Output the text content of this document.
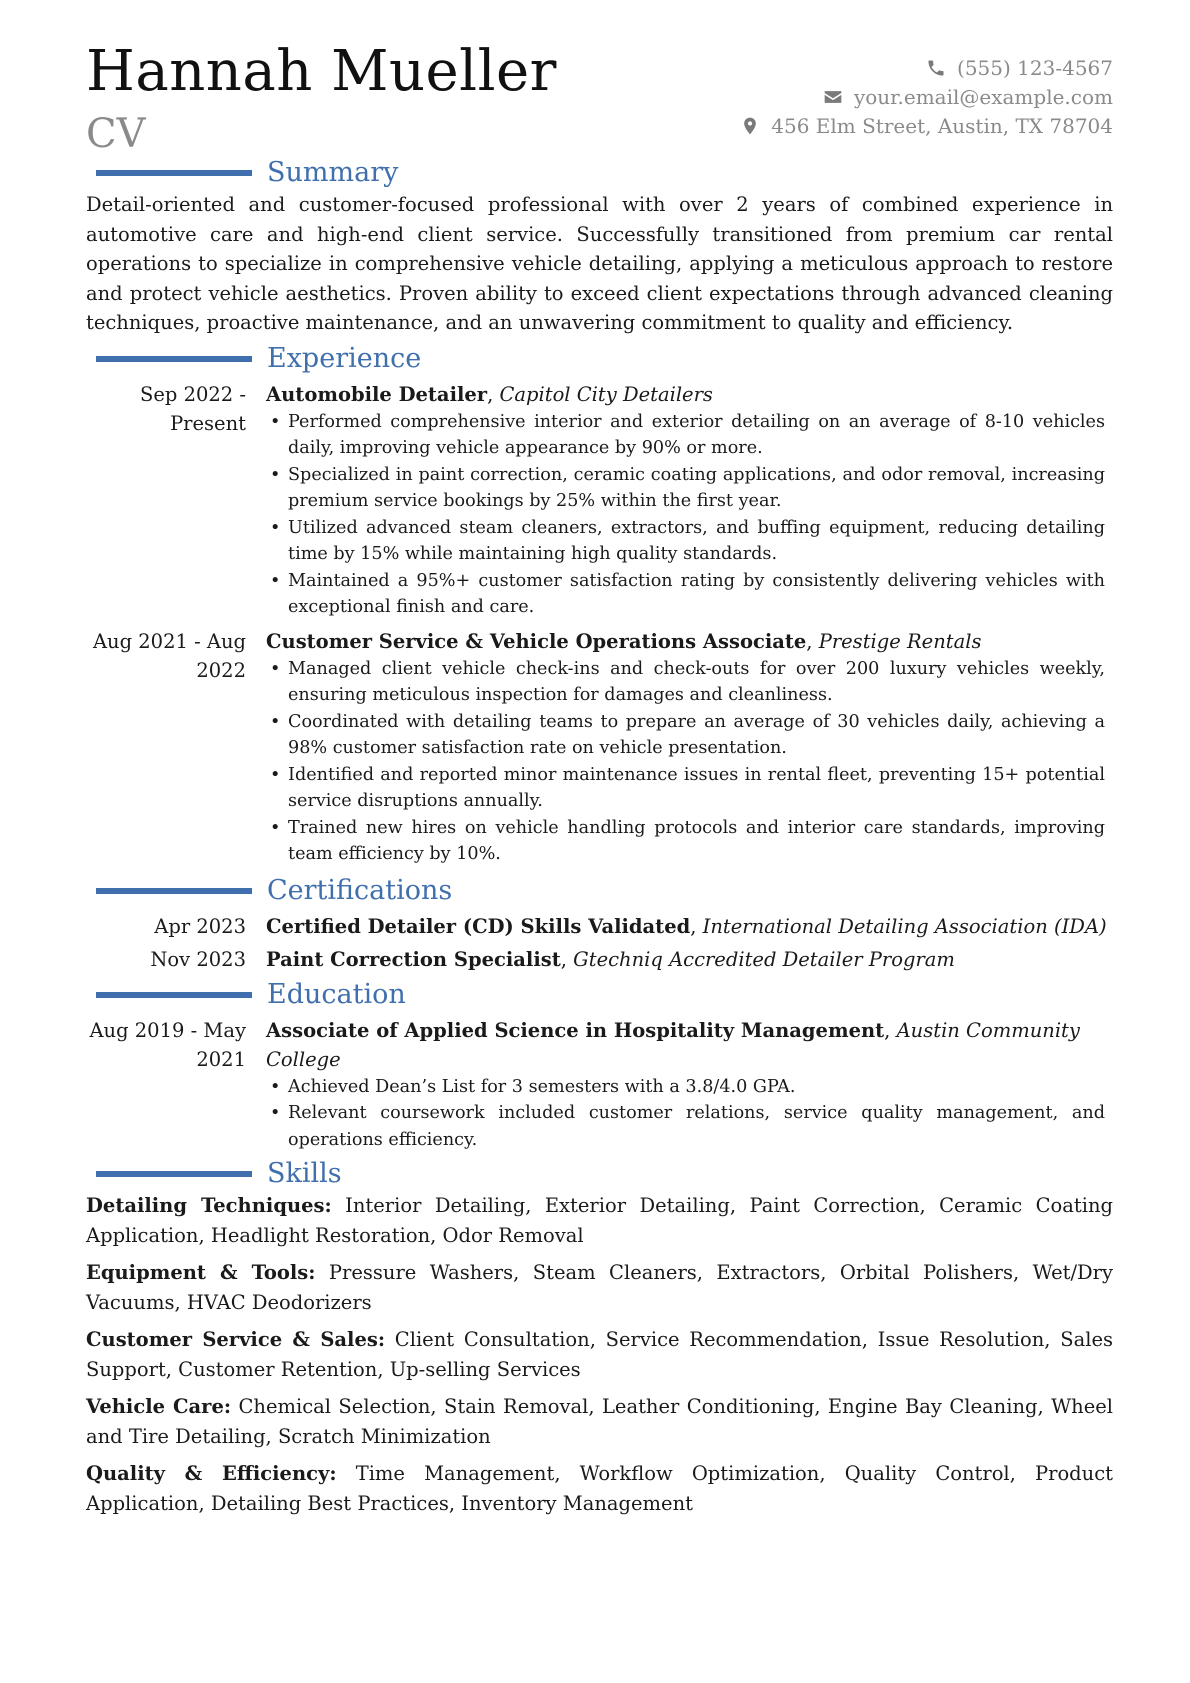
Hannah Mueller
CV
(555) 123-4567
your.email@example.com
456 Elm Street, Austin, TX 78704
Summary
Detail-oriented and customer-focused professional with over 2 years of combined experience in automotive care and high-end client service. Successfully transitioned from premium car rental operations to specialize in comprehensive vehicle detailing, applying a meticulous approach to restore and protect vehicle aesthetics. Proven ability to exceed client expectations through advanced cleaning techniques, proactive maintenance, and an unwavering commitment to quality and efficiency.
Experience
Sep 2022 - Present
Automobile Detailer, Capitol City Detailers
• Performed comprehensive interior and exterior detailing on an average of 8-10 vehicles daily, improving vehicle appearance by 90% or more.
• Specialized in paint correction, ceramic coating applications, and odor removal, increasing premium service bookings by 25% within the first year.
• Utilized advanced steam cleaners, extractors, and buffing equipment, reducing detailing time by 15% while maintaining high quality standards.
• Maintained a 95%+ customer satisfaction rating by consistently delivering vehicles with exceptional finish and care.
Aug 2021 - Aug 2022
Customer Service & Vehicle Operations Associate, Prestige Rentals
• Managed client vehicle check-ins and check-outs for over 200 luxury vehicles weekly, ensuring meticulous inspection for damages and cleanliness.
• Coordinated with detailing teams to prepare an average of 30 vehicles daily, achieving a 98% customer satisfaction rate on vehicle presentation.
• Identified and reported minor maintenance issues in rental fleet, preventing 15+ potential service disruptions annually.
• Trained new hires on vehicle handling protocols and interior care standards, improving team efficiency by 10%.
Certifications
Apr 2023 Certified Detailer (CD) Skills Validated, International Detailing Association (IDA)
Nov 2023 Paint Correction Specialist, Gtechniq Accredited Detailer Program
Education
Aug 2019 - May 2021
Associate of Applied Science in Hospitality Management, Austin Community College
• Achieved Dean’s List for 3 semesters with a 3.8/4.0 GPA.
• Relevant coursework included customer relations, service quality management, and operations efficiency.
Skills
Detailing Techniques: Interior Detailing, Exterior Detailing, Paint Correction, Ceramic Coating Application, Headlight Restoration, Odor Removal
Equipment & Tools: Pressure Washers, Steam Cleaners, Extractors, Orbital Polishers, Wet/Dry Vacuums, HVAC Deodorizers
Customer Service & Sales: Client Consultation, Service Recommendation, Issue Resolution, Sales Support, Customer Retention, Up-selling Services
Vehicle Care: Chemical Selection, Stain Removal, Leather Conditioning, Engine Bay Cleaning, Wheel and Tire Detailing, Scratch Minimization
Quality & Efficiency: Time Management, Workflow Optimization, Quality Control, Product Application, Detailing Best Practices, Inventory Management
